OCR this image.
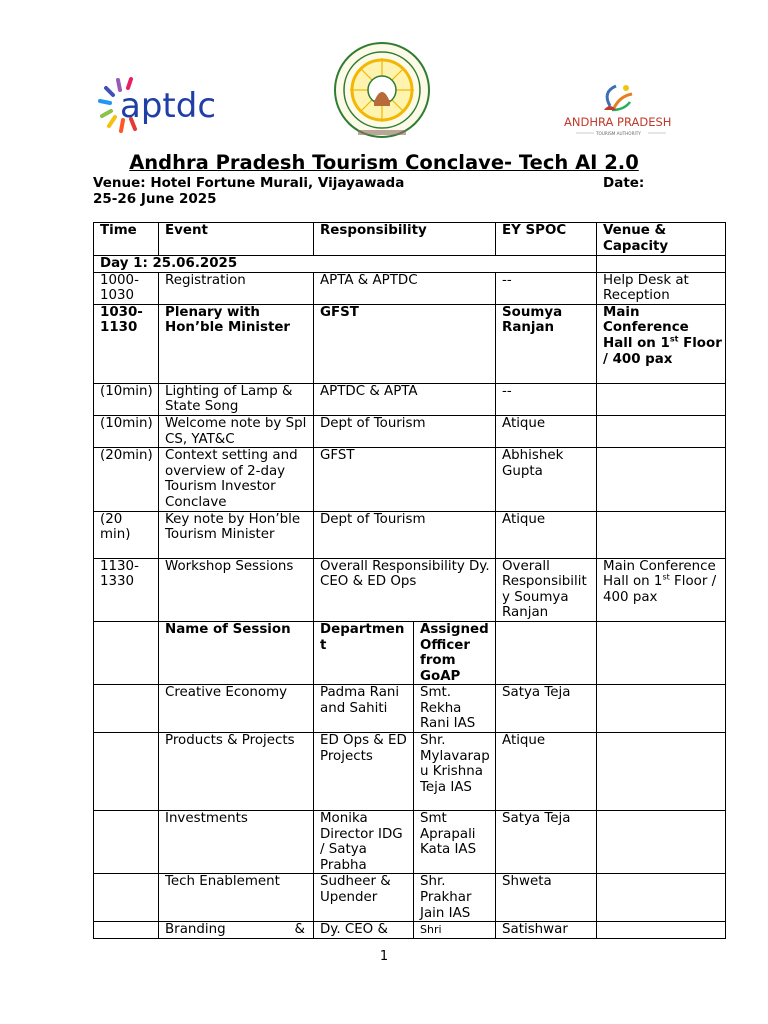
aptdc	ANDHRA PRADESH
TOURISM AUTHORITY
Andhra Pradesh Tourism Conclave- Tech AI 2.0
Venue: Hotel Fortune Murali, Vijayawada	Date:

25-26 June 2025
Time	Event	Responsibility		EY SPOC	Venue & Capacity
Day 1: 25.06.2025					
1000-1030	Registration	APTA & APTDC		--	Help Desk at Reception
1030-1130	Plenary with Hon’ble Minister	GFST		Soumya Ranjan	Main Conference Hall on 1st Floor / 400 pax
(10min)	Lighting of Lamp & State Song	APTDC & APTA		--	
(10min)	Welcome note by Spl CS, YAT&C	Dept of Tourism		Atique	
(20min)	Context setting and overview of 2-day Tourism Investor Conclave	GFST		Abhishek Gupta	
(20 min)	Key note by Hon’ble Tourism Minister	Dept of Tourism		Atique	
1130-1330	Workshop Sessions	Overall Responsibility Dy. CEO & ED Ops		Overall Responsibility Soumya Ranjan	Main Conference Hall on 1st Floor / 400 pax
	Name of Session	Department	Assigned Officer from GoAP		
	Creative Economy	Padma Rani and Sahiti	Smt. Rekha Rani IAS	Satya Teja	
	Products & Projects	ED Ops & ED Projects	Shr. Mylavarapu Krishna Teja IAS	Atique	
	Investments	Monika Director IDG / Satya Prabha	Smt Aprapali Kata IAS	Satya Teja	
	Tech Enablement	Sudheer & Upender	Shr. Prakhar Jain IAS	Shweta	
	Branding &	Dy. CEO &	Shri	Satishwar	
1
